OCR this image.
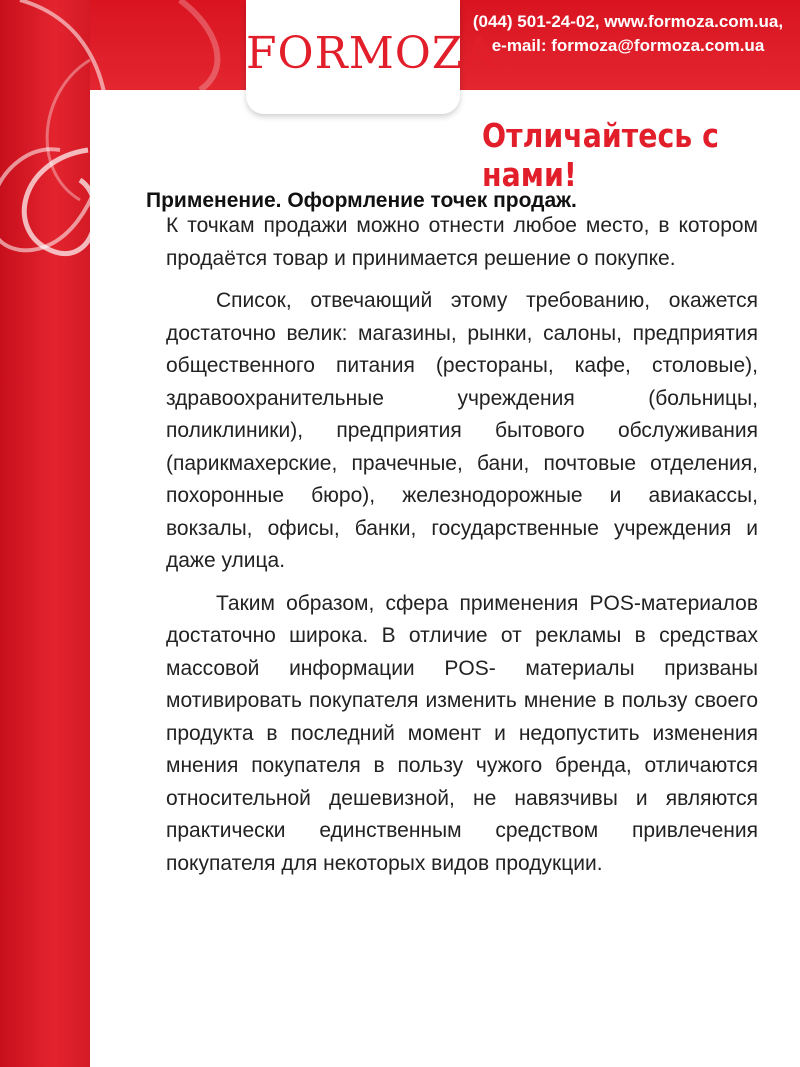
FORMOZA
(044) 501-24-02, www.formoza.com.ua,
e-mail: formoza@formoza.com.ua
Отличайтесь с нами!

К точкам продажи можно отнести любое место, в котором продаётся товар и принимается решение о покупке.

Список, отвечающий этому требованию, окажется достаточно велик: магазины, рынки, салоны, предприятия общественного питания (рестораны, кафе, столовые), здравоохранительные учреждения (больницы, поликлиники), предприятия бытового обслуживания (парикмахерские, прачечные, бани, почтовые отделения, похоронные бюро), железнодорожные и авиакассы, вокзалы, офисы, банки, государственные учреждения и даже улица.

Таким образом, сфера применения POS-материалов достаточно широка. В отличие от рекламы в средствах массовой информации POS- материалы призваны мотивировать покупателя изменить мнение в пользу своего продукта в последний момент и недопустить изменения мнения покупателя в пользу чужого бренда, отличаются относительной дешевизной, не навязчивы и являются практически единственным средством привлечения покупателя для некоторых видов продукции.

Применение. Оформление точек продаж.
